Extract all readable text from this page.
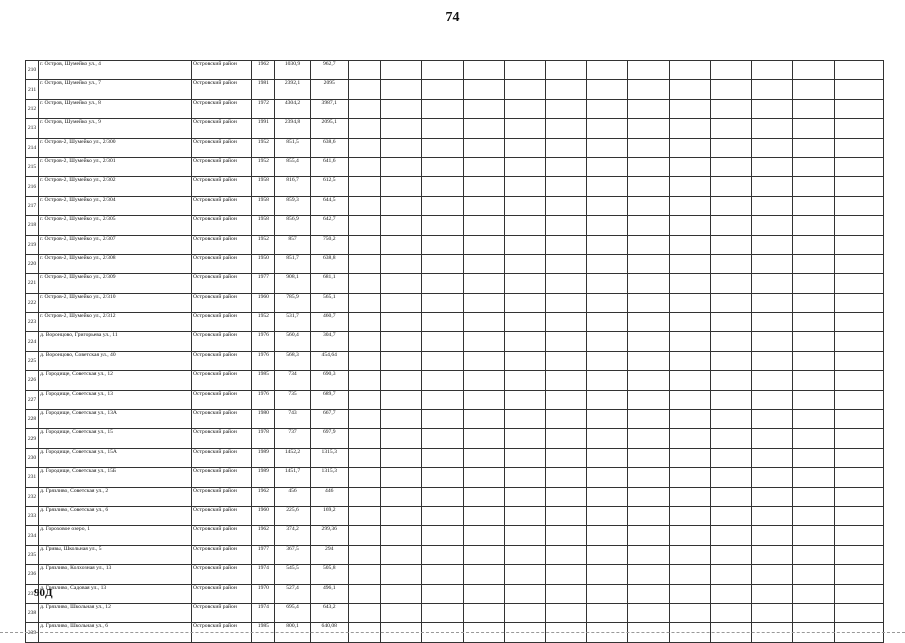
74
210	г. Остров, Шумейко ул., 4	Островский район	1962	1030,9	962,7													
211	г. Остров, Шумейко ул., 7	Островский район	1981	2392,1	2095													
212	г. Остров, Шумейко ул., 8	Островский район	1972	4304,2	3987,1													
213	г. Остров, Шумейко ул., 9	Островский район	1991	2394,8	2095,1													
214	г. Остров-2, Шумейко ул., 2/300	Островский район	1952	851,5	638,6													
215	г. Остров-2, Шумейко ул., 2/301	Островский район	1952	855,4	641,6													
216	г. Остров-2, Шумейко ул., 2/302	Островский район	1958	816,7	612,5													
217	г. Остров-2, Шумейко ул., 2/304	Островский район	1958	859,3	644,5													
218	г. Остров-2, Шумейко ул., 2/305	Островский район	1958	856,9	642,7													
219	г. Остров-2, Шумейко ул., 2/307	Островский район	1952	857	750,2													
220	г. Остров-2, Шумейко ул., 2/308	Островский район	1950	851,7	638,8													
221	г. Остров-2, Шумейко ул., 2/309	Островский район	1977	908,1	681,1													
222	г. Остров-2, Шумейко ул., 2/310	Островский район	1960	785,9	565,1													
223	г. Остров-2, Шумейко ул., 2/312	Островский район	1952	531,7	460,7													
224	д. Воронцово, Григорьева ул., 11	Островский район	1976	560,4	304,7													
225	д. Воронцово, Советская ул., 40	Островский район	1976	568,3	454,64													
226	д. Городище, Советская ул., 12	Островский район	1985	734	690,3													
227	д. Городище, Советская ул., 13	Островский район	1976	735	689,7													
228	д. Городище, Советская ул., 13А	Островский район	1980	743	667,7													
229	д. Городище, Советская ул., 15	Островский район	1978	737	697,9													
230	д. Городище, Советская ул., 15А	Островский район	1989	1452,2	1315,3													
231	д. Городище, Советская ул., 15Б	Островский район	1989	1451,7	1315,3													
232	д. Грязливо, Советская ул., 2	Островский район	1962	456	446													
233	д. Грязливо, Советская ул., 6	Островский район	1960	225,6	169,2													
234	д. Гороховое озеро, 1	Островский район	1962	374,2	299,36													
235	д. Гривы, Школьная ул., 5	Островский район	1977	367,5	294													
236	д. Грязливо, Колхозная ул., 13	Островский район	1974	545,5	505,8													
237	д. Грязливо, Садовая ул., 13	Островский район	1970	527,4	496,1													
238	д. Грязливо, Школьная ул., 12	Островский район	1974	695,4	643,2													
239	д. Грязливо, Школьная ул., 6	Островский район	1985	800,1	640,08													
90Д
